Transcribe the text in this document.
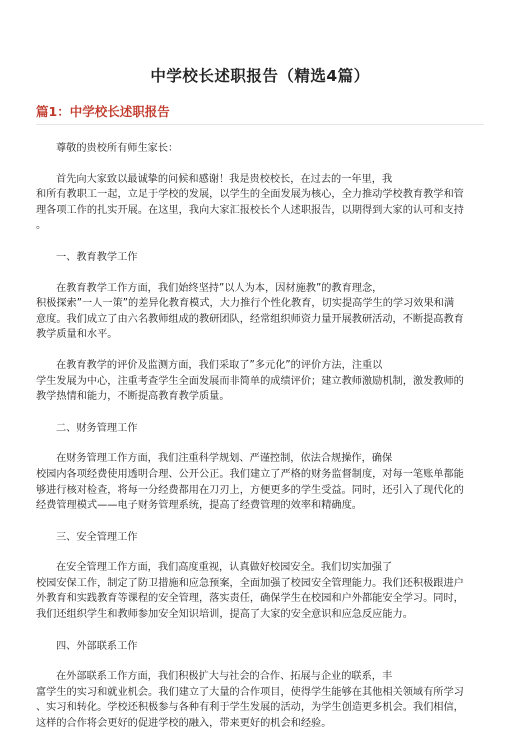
中学校长述职报告（精选4篇）
篇1：中学校长述职报告

尊敬的贵校所有师生家长：

首先向大家致以最诚挚的问候和感谢！我是贵校校长，在过去的一年里，我

和所有教职工一起，立足于学校的发展，以学生的全面发展为核心，全力推动学校教育教学和管

理各项工作的扎实开展。在这里，我向大家汇报校长个人述职报告，以期得到大家的认可和支持

。

一、教育教学工作

在教育教学工作方面，我们始终坚持”以人为本，因材施教”的教育理念，

积极探索”一人一策”的差异化教育模式，大力推行个性化教育，切实提高学生的学习效果和满

意度。我们成立了由六名教师组成的教研团队，经常组织师资力量开展教研活动，不断提高教育

教学质量和水平。

在教育教学的评价及监测方面，我们采取了”多元化”的评价方法，注重以

学生发展为中心，注重考查学生全面发展而非简单的成绩评价；建立教师激励机制，激发教师的

教学热情和能力，不断提高教育教学质量。

二、财务管理工作

在财务管理工作方面，我们注重科学规划、严谨控制，依法合规操作，确保

校园内各项经费使用透明合理、公开公正。我们建立了严格的财务监督制度，对每一笔账单都能

够进行核对检查，将每一分经费都用在刀刃上，方便更多的学生受益。同时，还引入了现代化的

经费管理模式——电子财务管理系统，提高了经费管理的效率和精确度。

三、安全管理工作

在安全管理工作方面，我们高度重视，认真做好校园安全。我们切实加强了

校园安保工作，制定了防卫措施和应急预案，全面加强了校园安全管理能力。我们还积极跟进户

外教育和实践教育等课程的安全管理，落实责任，确保学生在校园和户外都能安全学习。同时，

我们还组织学生和教师参加安全知识培训，提高了大家的安全意识和应急反应能力。

四、外部联系工作

在外部联系工作方面，我们积极扩大与社会的合作、拓展与企业的联系，丰

富学生的实习和就业机会。我们建立了大量的合作项目，使得学生能够在其他相关领域有所学习

、实习和转化。学校还积极参与各种有利于学生发展的活动，为学生创造更多机会。我们相信，

这样的合作将会更好的促进学校的融入，带来更好的机会和经验。
